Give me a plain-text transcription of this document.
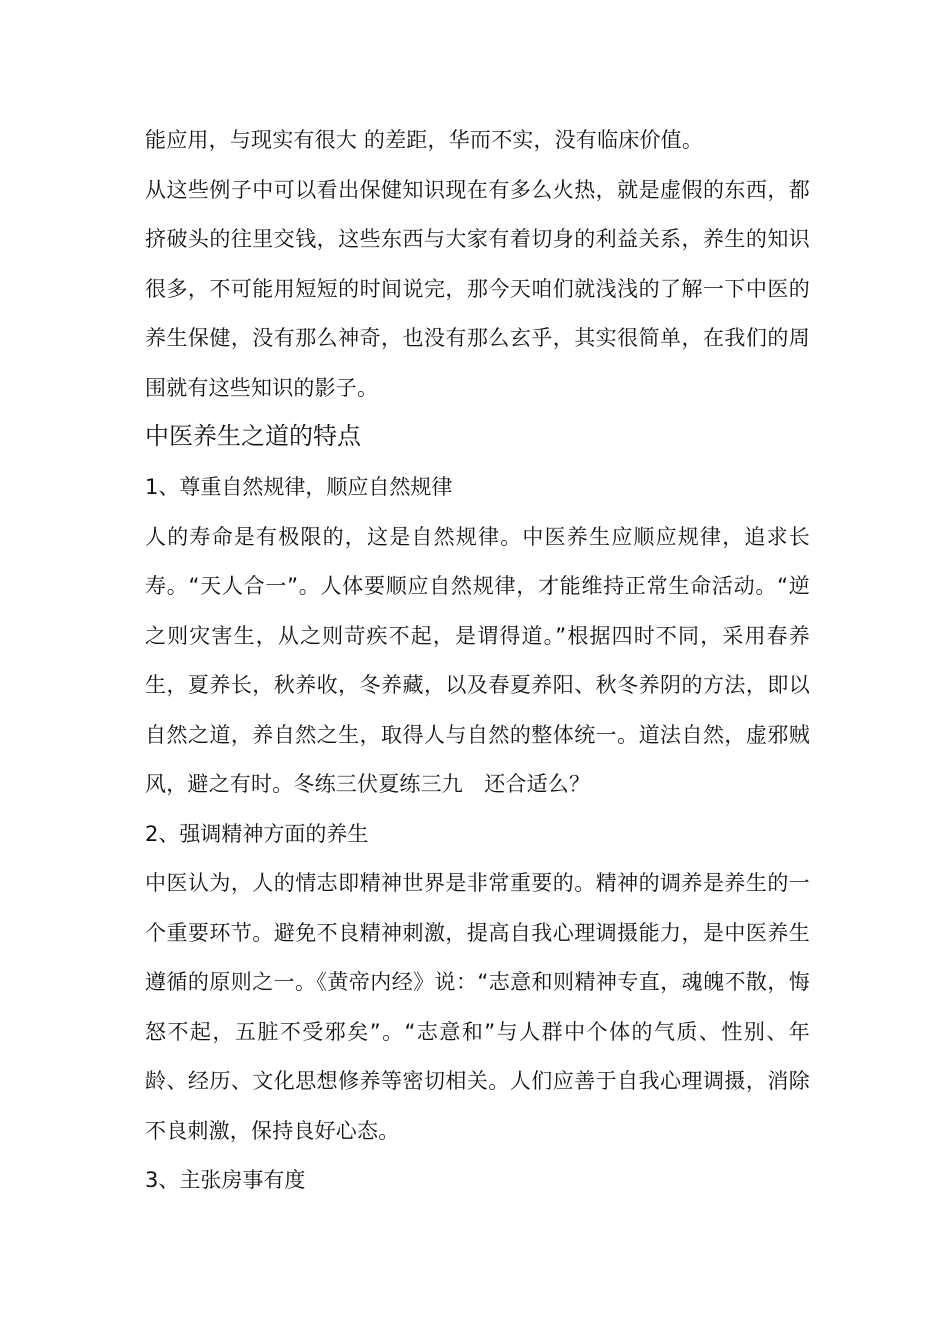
能应用，与现实有很大 的差距，华而不实，没有临床价值。

从这些例子中可以看出保健知识现在有多么火热，就是虚假的东西，都挤破头的往里交钱，这些东西与大家有着切身的利益关系，养生的知识很多，不可能用短短的时间说完，那今天咱们就浅浅的了解一下中医的养生保健，没有那么神奇，也没有那么玄乎，其实很简单，在我们的周围就有这些知识的影子。

中医养生之道的特点
1、尊重自然规律，顺应自然规律

人的寿命是有极限的，这是自然规律。中医养生应顺应规律，追求长寿。“天人合一”。人体要顺应自然规律，才能维持正常生命活动。“逆之则灾害生，从之则苛疾不起，是谓得道。”根据四时不同，采用春养生，夏养长，秋养收，冬养藏，以及春夏养阳、秋冬养阴的方法，即以自然之道，养自然之生，取得人与自然的整体统一。道法自然，虚邪贼风，避之有时。冬练三伏夏练三九　还合适么？

2、强调精神方面的养生

中医认为，人的情志即精神世界是非常重要的。精神的调养是养生的一个重要环节。避免不良精神刺激，提高自我心理调摄能力，是中医养生遵循的原则之一。《黄帝内经》说：“志意和则精神专直，魂魄不散，悔怒不起，五脏不受邪矣”。“志意和”与人群中个体的气质、性别、年龄、经历、文化思想修养等密切相关。人们应善于自我心理调摄，消除不良刺激，保持良好心态。

3、主张房事有度
